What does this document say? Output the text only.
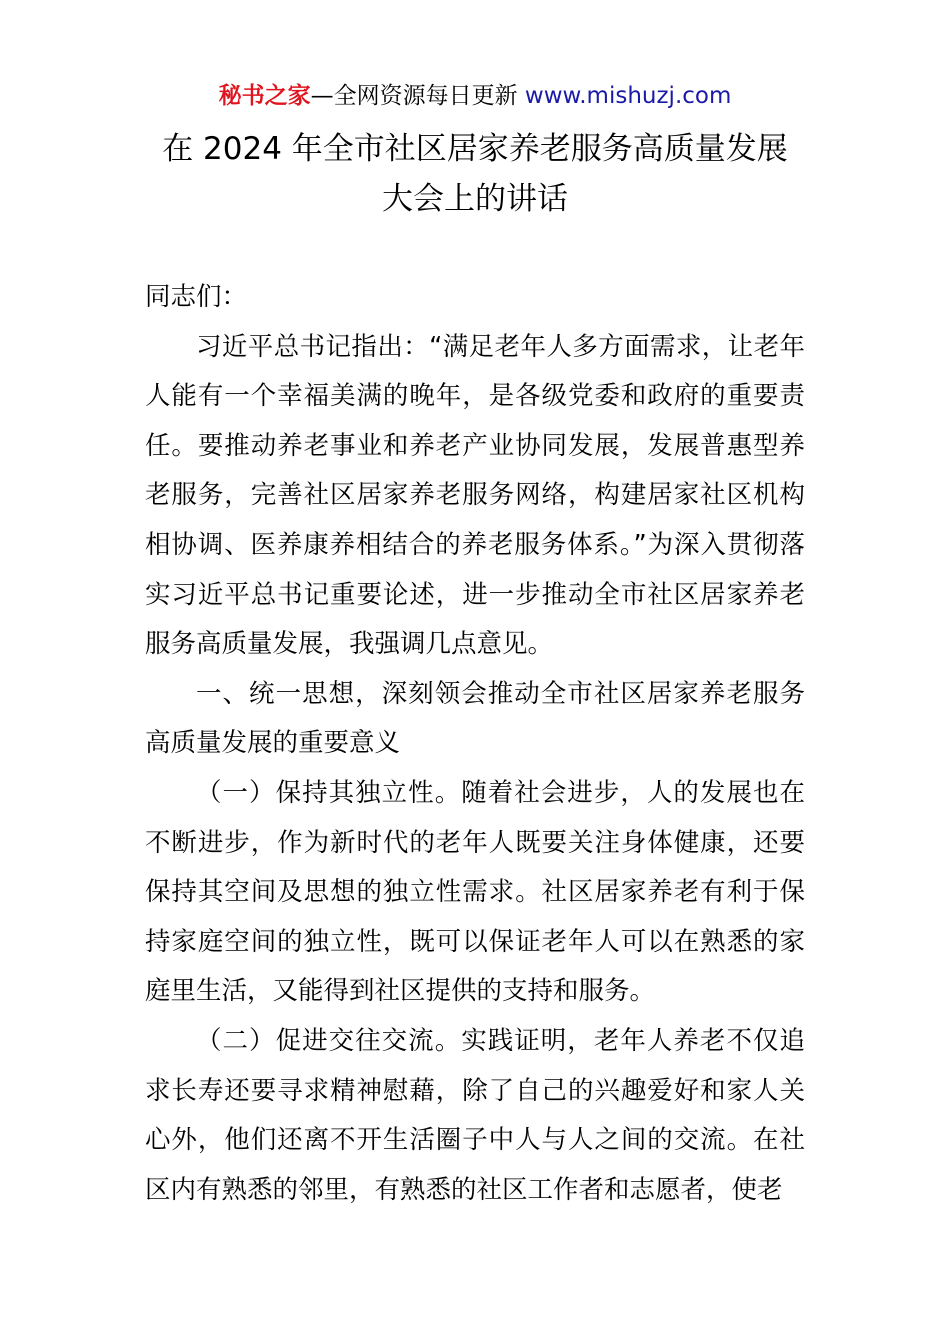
秘书之家—全网资源每日更新 www.mishuzj.com
在 2024 年全市社区居家养老服务高质量发展
大会上的讲话

同志们：

习近平总书记指出：“满足老年人多方面需求，让老年人能有一个幸福美满的晚年，是各级党委和政府的重要责任。要推动养老事业和养老产业协同发展，发展普惠型养老服务，完善社区居家养老服务网络，构建居家社区机构相协调、医养康养相结合的养老服务体系。”为深入贯彻落实习近平总书记重要论述，进一步推动全市社区居家养老服务高质量发展，我强调几点意见。

一、统一思想，深刻领会推动全市社区居家养老服务高质量发展的重要意义

（一）保持其独立性。随着社会进步，人的发展也在不断进步，作为新时代的老年人既要关注身体健康，还要保持其空间及思想的独立性需求。社区居家养老有利于保持家庭空间的独立性，既可以保证老年人可以在熟悉的家庭里生活，又能得到社区提供的支持和服务。

（二）促进交往交流。实践证明，老年人养老不仅追求长寿还要寻求精神慰藉，除了自己的兴趣爱好和家人关心外，他们还离不开生活圈子中人与人之间的交流。在社区内有熟悉的邻里，有熟悉的社区工作者和志愿者，使老
